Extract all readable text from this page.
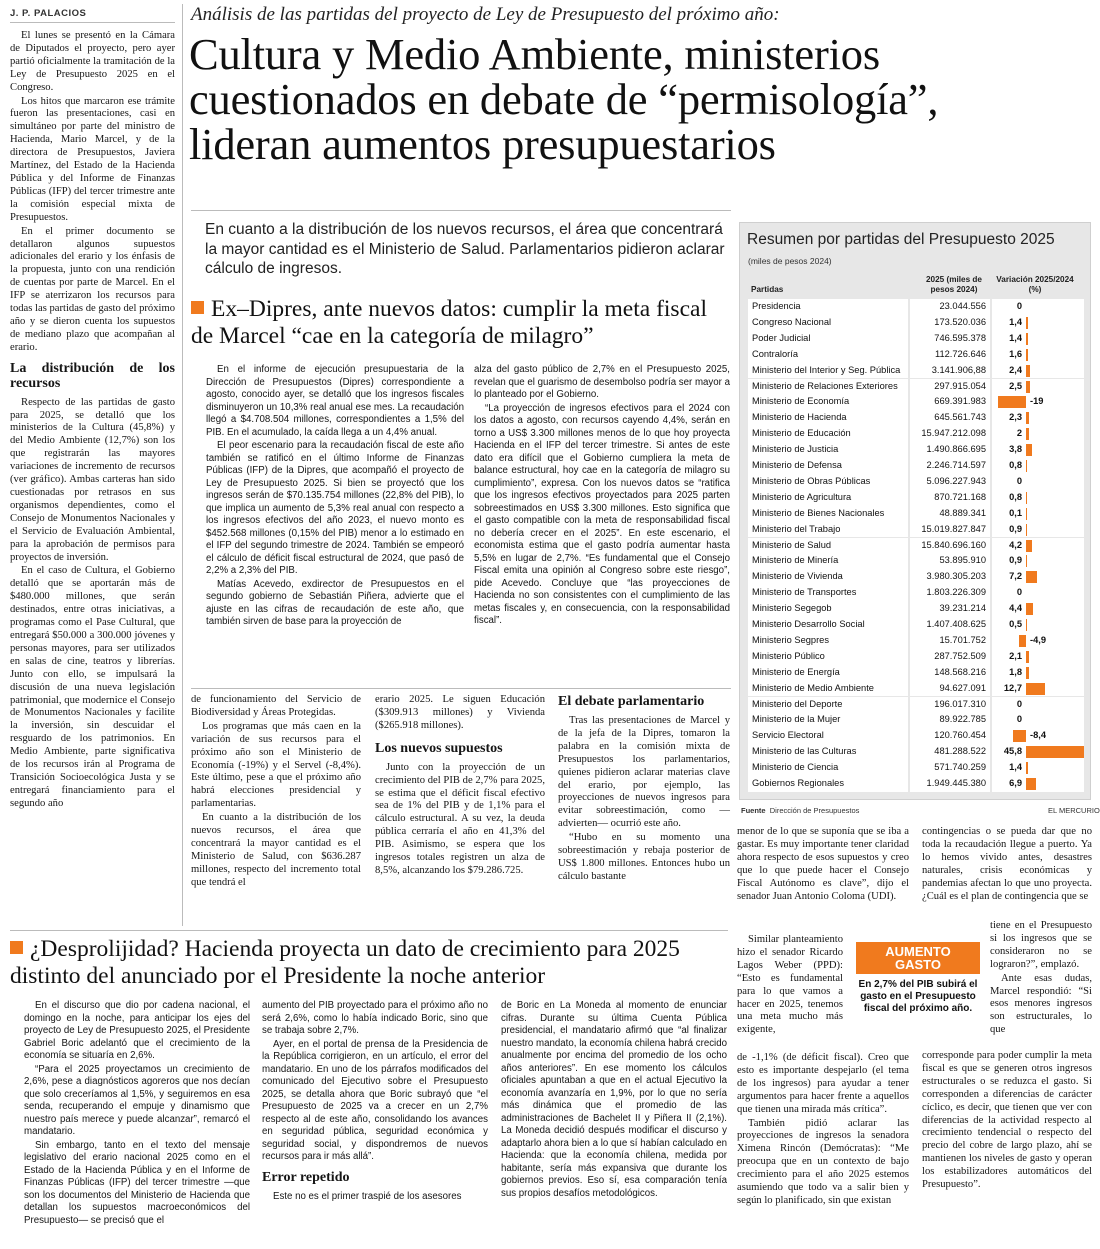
J. P. PALACIOS

El lunes se presentó en la Cámara de Diputados el proyecto, pero ayer partió oficialmente la tramitación de la Ley de Presupuesto 2025 en el Congreso.

Los hitos que marcaron ese trámite fueron las presentaciones, casi en simultáneo por parte del ministro de Hacienda, Mario Marcel, y de la directora de Presupuestos, Javiera Martínez, del Estado de la Hacienda Pública y del Informe de Finanzas Públicas (IFP) del tercer trimestre ante la comisión especial mixta de Presupuestos.

En el primer documento se detallaron algunos supuestos adicionales del erario y los énfasis de la propuesta, junto con una rendición de cuentas por parte de Marcel. En el IFP se aterrizaron los recursos para todas las partidas de gasto del próximo año y se dieron cuenta los supuestos de mediano plazo que acompañan al erario.

La distribución de los recursos

Respecto de las partidas de gasto para 2025, se detalló que los ministerios de la Cultura (45,8%) y del Medio Ambiente (12,7%) son los que registrarán las mayores variaciones de incremento de recursos (ver gráfico). Ambas carteras han sido cuestionadas por retrasos en sus organismos dependientes, como el Consejo de Monumentos Nacionales y el Servicio de Evaluación Ambiental, para la aprobación de permisos para proyectos de inversión.

En el caso de Cultura, el Gobierno detalló que se aportarán más de $480.000 millones, que serán destinados, entre otras iniciativas, a programas como el Pase Cultural, que entregará $50.000 a 300.000 jóvenes y personas mayores, para ser utilizados en salas de cine, teatros y librerías. Junto con ello, se impulsará la discusión de una nueva legislación patrimonial, que modernice el Consejo de Monumentos Nacionales y facilite la inversión, sin descuidar el resguardo de los patrimonios. En Medio Ambiente, parte significativa de los recursos irán al Programa de Transición Socioecológica Justa y se entregará financiamiento para el segundo año

Análisis de las partidas del proyecto de Ley de Presupuesto del próximo año:
Cultura y Medio Ambiente, ministerios
cuestionados en debate de “permisología”,
lideran aumentos presupuestarios
En cuanto a la distribución de los nuevos recursos, el área que concentrará la mayor cantidad es el Ministerio de Salud. Parlamentarios pidieron aclarar cálculo de ingresos.
Ex–Dipres, ante nuevos datos: cumplir la meta fiscal de Marcel “cae en la categoría de milagro”

En el informe de ejecución presupuestaria de la Dirección de Presupuestos (Dipres) correspondiente a agosto, conocido ayer, se detalló que los ingresos fiscales disminuyeron un 10,3% real anual ese mes. La recaudación llegó a $4.708.504 millones, correspondientes a 1,5% del PIB. En el acumulado, la caída llega a un 4,4% anual.

El peor escenario para la recaudación fiscal de este año también se ratificó en el último Informe de Finanzas Públicas (IFP) de la Dipres, que acompañó el proyecto de Ley de Presupuesto 2025. Si bien se proyectó que los ingresos serán de $70.135.754 millones (22,8% del PIB), lo que implica un aumento de 5,3% real anual con respecto a los ingresos efectivos del año 2023, el nuevo monto es $452.568 millones (0,15% del PIB) menor a lo estimado en el IFP del segundo trimestre de 2024. También se empeoró el cálculo de déficit fiscal estructural de 2024, que pasó de 2,2% a 2,3% del PIB.

Matías Acevedo, exdirector de Presupuestos en el segundo gobierno de Sebastián Piñera, advierte que el ajuste en las cifras de recaudación de este año, que también sirven de base para la proyección de

alza del gasto público de 2,7% en el Presupuesto 2025, revelan que el guarismo de desembolso podría ser mayor a lo planteado por el Gobierno.

“La proyección de ingresos efectivos para el 2024 con los datos a agosto, con recursos cayendo 4,4%, serán en torno a US$ 3.300 millones menos de lo que hoy proyecta Hacienda en el IFP del tercer trimestre. Si antes de este dato era difícil que el Gobierno cumpliera la meta de balance estructural, hoy cae en la categoría de milagro su cumplimiento”, expresa. Con los nuevos datos se “ratifica que los ingresos efectivos proyectados para 2025 parten sobreestimados en US$ 3.300 millones. Esto significa que el gasto compatible con la meta de responsabilidad fiscal no debería crecer en el 2025”. En este escenario, el economista estima que el gasto podría aumentar hasta 5,5% en lugar de 2,7%. “Es fundamental que el Consejo Fiscal emita una opinión al Congreso sobre este riesgo”, pide Acevedo. Concluye que “las proyecciones de Hacienda no son consistentes con el cumplimiento de las metas fiscales y, en consecuencia, con la responsabilidad fiscal”.

de funcionamiento del Servicio de Biodiversidad y Áreas Protegidas.

Los programas que más caen en la variación de sus recursos para el próximo año son el Ministerio de Economía (-19%) y el Servel (-8,4%). Este último, pese a que el próximo año habrá elecciones presidencial y parlamentarias.

En cuanto a la distribución de los nuevos recursos, el área que concentrará la mayor cantidad es el Ministerio de Salud, con $636.287 millones, respecto del incremento total que tendrá el

erario 2025. Le siguen Educación ($309.913 millones) y Vivienda ($265.918 millones).

Los nuevos supuestos

Junto con la proyección de un crecimiento del PIB de 2,7% para 2025, se estima que el déficit fiscal efectivo sea de 1% del PIB y de 1,1% para el cálculo estructural. A su vez, la deuda pública cerraría el año en 41,3% del PIB. Asimismo, se espera que los ingresos totales registren un alza de 8,5%, alcanzando los $79.286.725.

El debate parlamentario

Tras las presentaciones de Marcel y de la jefa de la Dipres, tomaron la palabra en la comisión mixta de Presupuestos los parlamentarios, quienes pidieron aclarar materias clave del erario, por ejemplo, las proyecciones de nuevos ingresos para evitar sobreestimación, como —advierten— ocurrió este año.

“Hubo en su momento una sobreestimación y rebaja posterior de US$ 1.800 millones. Entonces hubo un cálculo bastante

¿Desprolijidad? Hacienda proyecta un dato de crecimiento para 2025 distinto del anunciado por el Presidente la noche anterior

En el discurso que dio por cadena nacional, el domingo en la noche, para anticipar los ejes del proyecto de Ley de Presupuesto 2025, el Presidente Gabriel Boric adelantó que el crecimiento de la economía se situaría en 2,6%.

“Para el 2025 proyectamos un crecimiento de 2,6%, pese a diagnósticos agoreros que nos decían que solo creceríamos al 1,5%, y seguiremos en esa senda, recuperando el empuje y dinamismo que nuestro país merece y puede alcanzar”, remarcó el mandatario.

Sin embargo, tanto en el texto del mensaje legislativo del erario nacional 2025 como en el Estado de la Hacienda Pública y en el Informe de Finanzas Públicas (IFP) del tercer trimestre —que son los documentos del Ministerio de Hacienda que detallan los supuestos macroeconómicos del Presupuesto— se precisó que el

aumento del PIB proyectado para el próximo año no será 2,6%, como lo había indicado Boric, sino que se trabaja sobre 2,7%.

Ayer, en el portal de prensa de la Presidencia de la República corrigieron, en un artículo, el error del mandatario. En uno de los párrafos modificados del comunicado del Ejecutivo sobre el Presupuesto 2025, se detalla ahora que Boric subrayó que “el Presupuesto de 2025 va a crecer en un 2,7% respecto al de este año, consolidando los avances en seguridad pública, seguridad económica y seguridad social, y dispondremos de nuevos recursos para ir más allá”.

Error repetido

Este no es el primer traspié de los asesores

de Boric en La Moneda al momento de enunciar cifras. Durante su última Cuenta Pública presidencial, el mandatario afirmó que “al finalizar nuestro mandato, la economía chilena habrá crecido anualmente por encima del promedio de los ocho años anteriores”. En ese momento los cálculos oficiales apuntaban a que en el actual Ejecutivo la economía avanzaría en 1,9%, por lo que no sería más dinámica que el promedio de las administraciones de Bachelet II y Piñera II (2,1%). La Moneda decidió después modificar el discurso y adaptarlo ahora bien a lo que sí habían calculado en Hacienda: que la economía chilena, medida por habitante, sería más expansiva que durante los gobiernos previos. Eso sí, esa comparación tenía sus propios desafíos metodológicos.

Resumen por partidas del Presupuesto 2025
(miles de pesos 2024)
Partidas
2025 (miles de pesos 2024)
Variación 2025/2024 (%)
Presidencia	23.044.556	0
Congreso Nacional	173.520.036	1,4
Poder Judicial	746.595.378	1,4
Contraloría	112.726.646	1,6
Ministerio del Interior y Seg. Pública	3.141.906,88	2,4
Ministerio de Relaciones Exteriores	297.915.054	2,5
Ministerio de Economía	669.391.983	-19
Ministerio de Hacienda	645.561.743	2,3
Ministerio de Educación	15.947.212.098	2
Ministerio de Justicia	1.490.866.695	3,8
Ministerio de Defensa	2.246.714.597	0,8
Ministerio de Obras Públicas	5.096.227.943	0
Ministerio de Agricultura	870.721.168	0,8
Ministerio de Bienes Nacionales	48.889.341	0,1
Ministerio del Trabajo	15.019.827.847	0,9
Ministerio de Salud	15.840.696.160	4,2
Ministerio de Minería	53.895.910	0,9
Ministerio de Vivienda	3.980.305.203	7,2
Ministerio de Transportes	1.803.226.309	0
Ministerio Segegob	39.231.214	4,4
Ministerio Desarrollo Social	1.407.408.625	0,5
Ministerio Segpres	15.701.752	-4,9
Ministerio Público	287.752.509	2,1
Ministerio de Energía	148.568.216	1,8
Ministerio de Medio Ambiente	94.627.091	12,7
Ministerio del Deporte	196.017.310	0
Ministerio de la Mujer	89.922.785	0
Servicio Electoral	120.760.454	-8,4
Ministerio de las Culturas	481.288.522	45,8
Ministerio de Ciencia	571.740.259	1,4
Gobiernos Regionales	1.949.445.380	6,9
Fuente Dirección de Presupuestos	EL MERCURIO

menor de lo que se suponía que se iba a gastar. Es muy importante tener claridad ahora respecto de esos supuestos y creo que lo que puede hacer el Consejo Fiscal Autónomo es clave”, dijo el senador Juan Antonio Coloma (UDI).

Similar planteamiento hizo el senador Ricardo Lagos Weber (PPD): “Esto es fundamental para lo que vamos a hacer en 2025, tenemos una meta mucho más exigente,

de -1,1% (de déficit fiscal). Creo que esto es importante despejarlo (el tema de los ingresos) para ayudar a tener argumentos para hacer frente a aquellos que tienen una mirada más crítica”.

También pidió aclarar las proyecciones de ingresos la senadora Ximena Rincón (Demócratas): “Me preocupa que en un contexto de bajo crecimiento para el año 2025 estemos asumiendo que todo va a salir bien y según lo planificado, sin que existan

AUMENTO
GASTO
En 2,7% del PIB subirá el gasto en el Presupuesto fiscal del próximo año.

contingencias o se pueda dar que no toda la recaudación llegue a puerto. Ya lo hemos vivido antes, desastres naturales, crisis económicas y pandemias afectan lo que uno proyecta. ¿Cuál es el plan de contingencia que se

tiene en el Presupuesto si los ingresos que se consideraron no se lograron?”, emplazó.

Ante esas dudas, Marcel respondió: “Si esos menores ingresos son estructurales, lo que

corresponde para poder cumplir la meta fiscal es que se generen otros ingresos estructurales o se reduzca el gasto. Si corresponden a diferencias de carácter cíclico, es decir, que tienen que ver con diferencias de la actividad respecto al crecimiento tendencial o respecto del precio del cobre de largo plazo, ahí se mantienen los niveles de gasto y operan los estabilizadores automáticos del Presupuesto”.
